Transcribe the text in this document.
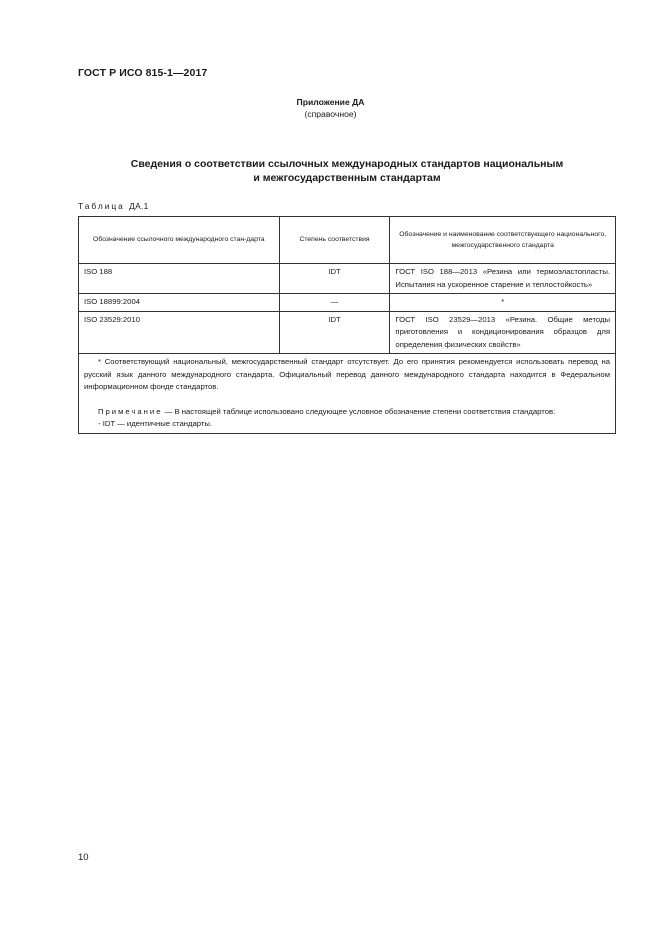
ГОСТ Р ИСО 815-1—2017
Приложение ДА
(справочное)
Сведения о соответствии ссылочных международных стандартов национальным
и межгосударственным стандартам
Таблица ДА.1
Обозначение ссылочного международного стан-дарта	Степень соответствия	Обозначение и наименование соответствующего национального, межгосударственного стандарта
ISO 188	IDT	ГОСТ ISO 188—2013 «Резина или термоэластопласты. Испытания на ускоренное старение и теплостойкость»
ISO 18899:2004	—	*
ISO 23529:2010	IDT	ГОСТ ISO 23529—2013 «Резина. Общие методы приготовления и кондиционирования образцов для определения физических свойств»

* Соответствующий национальный, межгосударственный стандарт отсутствует. До его принятия рекомендуется использовать перевод на русский язык данного международного стандарта. Официальный перевод данного международного стандарта находится в Федеральном информационном фонде стандартов.

Примечание — В настоящей таблице использовано следующее условное обозначение степени соответствия стандартов:

- IDT — идентичные стандарты.		
10
